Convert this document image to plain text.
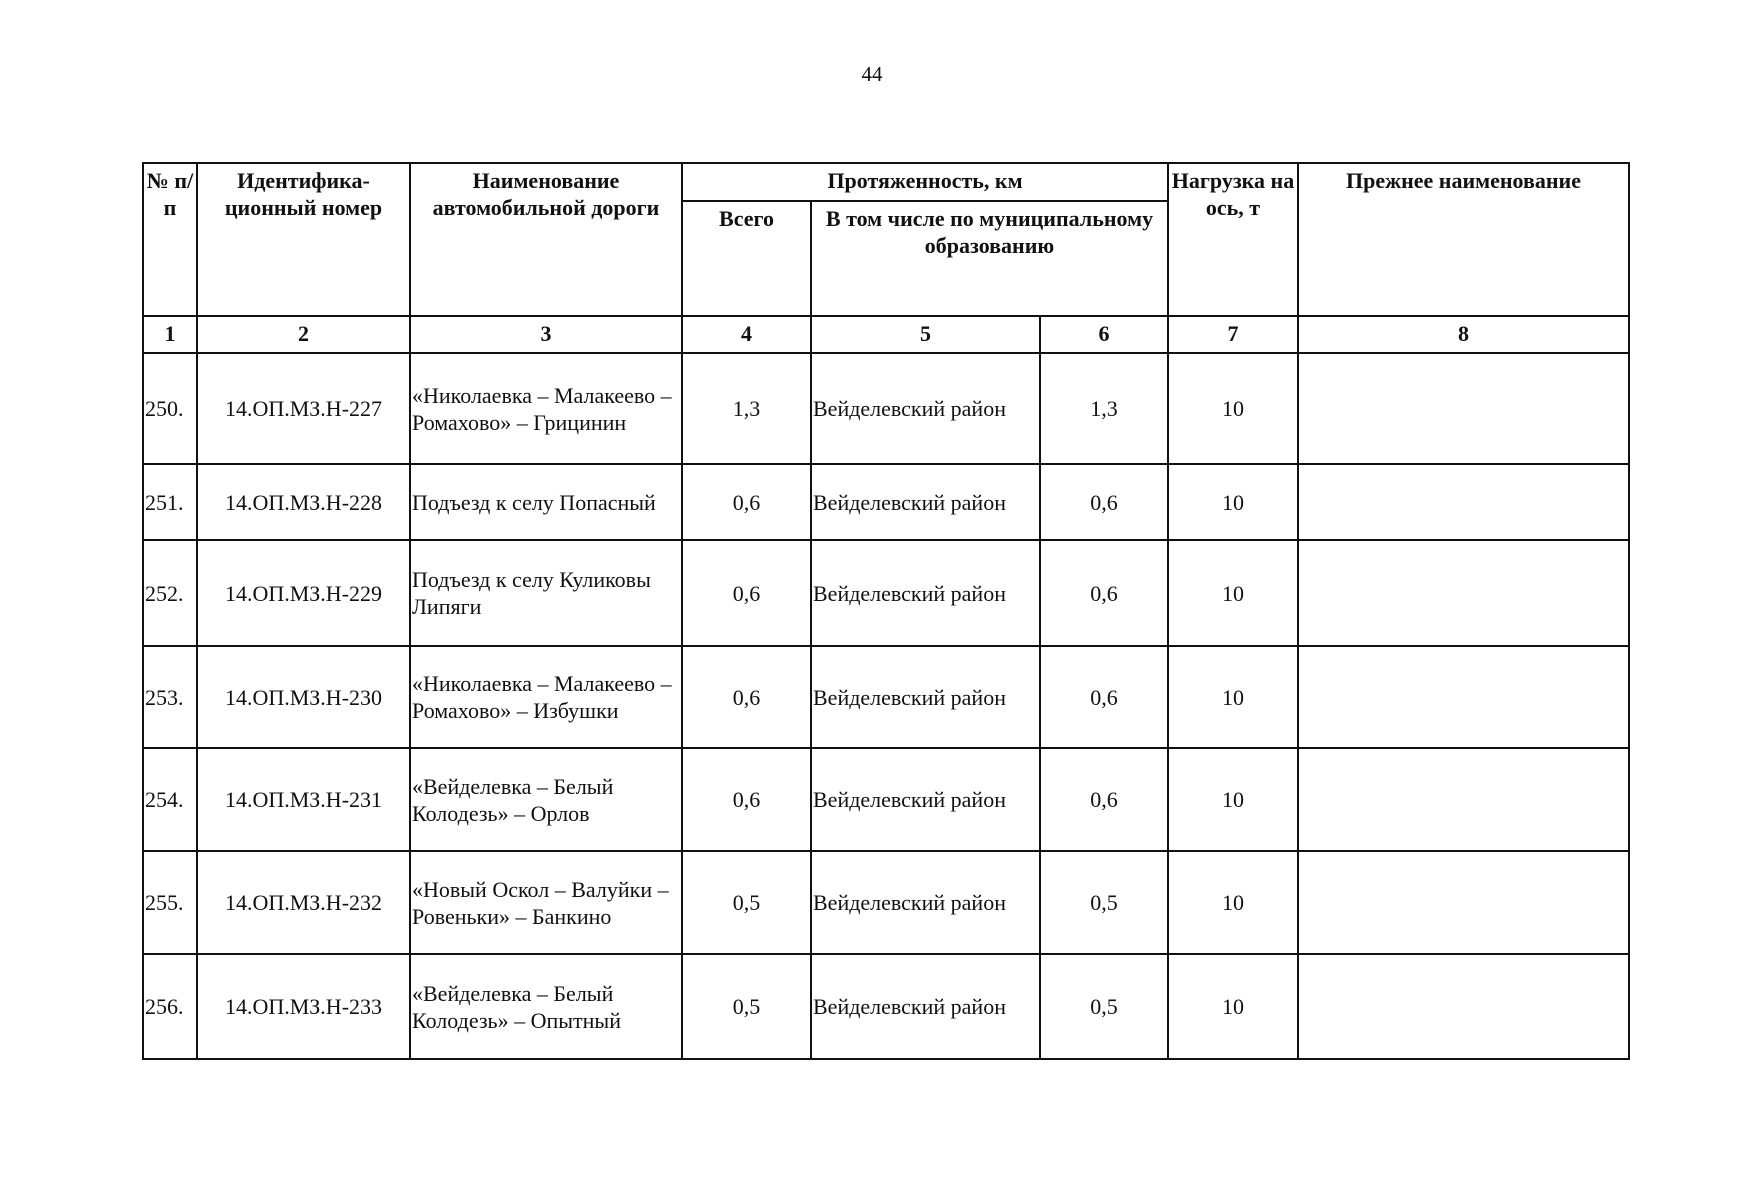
44
№ п/п	Идентифика-ционный номер	Наименование автомобильной дороги	Протяженность, км			Нагрузка на ось, т	Прежнее наименование
			Всего	В том числе по муниципальному образованию			
1	2	3	4	5	6	7	8
250.	14.ОП.МЗ.Н-227	«Николаевка – Малакеево – Ромахово» – Грицинин	1,3	Вейделевский район	1,3	10	
251.	14.ОП.МЗ.Н-228	Подъезд к селу Попасный	0,6	Вейделевский район	0,6	10	
252.	14.ОП.МЗ.Н-229	Подъезд к селу Куликовы Липяги	0,6	Вейделевский район	0,6	10	
253.	14.ОП.МЗ.Н-230	«Николаевка – Малакеево – Ромахово» – Избушки	0,6	Вейделевский район	0,6	10	
254.	14.ОП.МЗ.Н-231	«Вейделевка – Белый Колодезь» – Орлов	0,6	Вейделевский район	0,6	10	
255.	14.ОП.МЗ.Н-232	«Новый Оскол – Валуйки – Ровеньки» – Банкино	0,5	Вейделевский район	0,5	10	
256.	14.ОП.МЗ.Н-233	«Вейделевка – Белый Колодезь» – Опытный	0,5	Вейделевский район	0,5	10	
